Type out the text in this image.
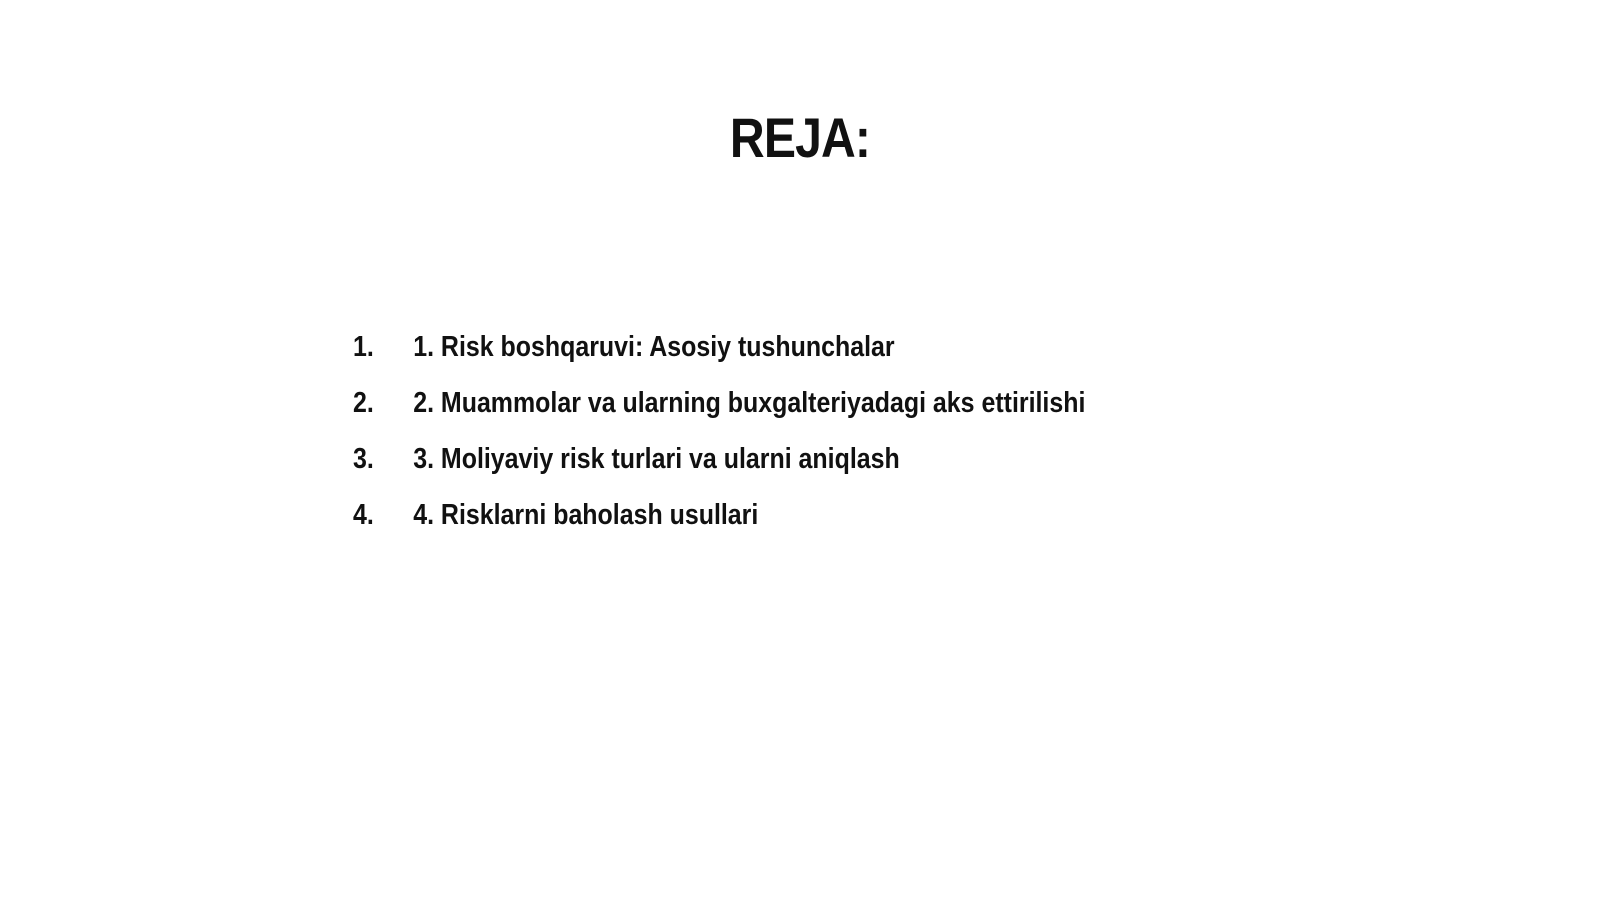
REJA:
1. 1. Risk boshqaruvi: Asosiy tushunchalar
2. 2. Muammolar va ularning buxgalteriyadagi aks ettirilishi
3. 3. Moliyaviy risk turlari va ularni aniqlash
4. 4. Risklarni baholash usullari
